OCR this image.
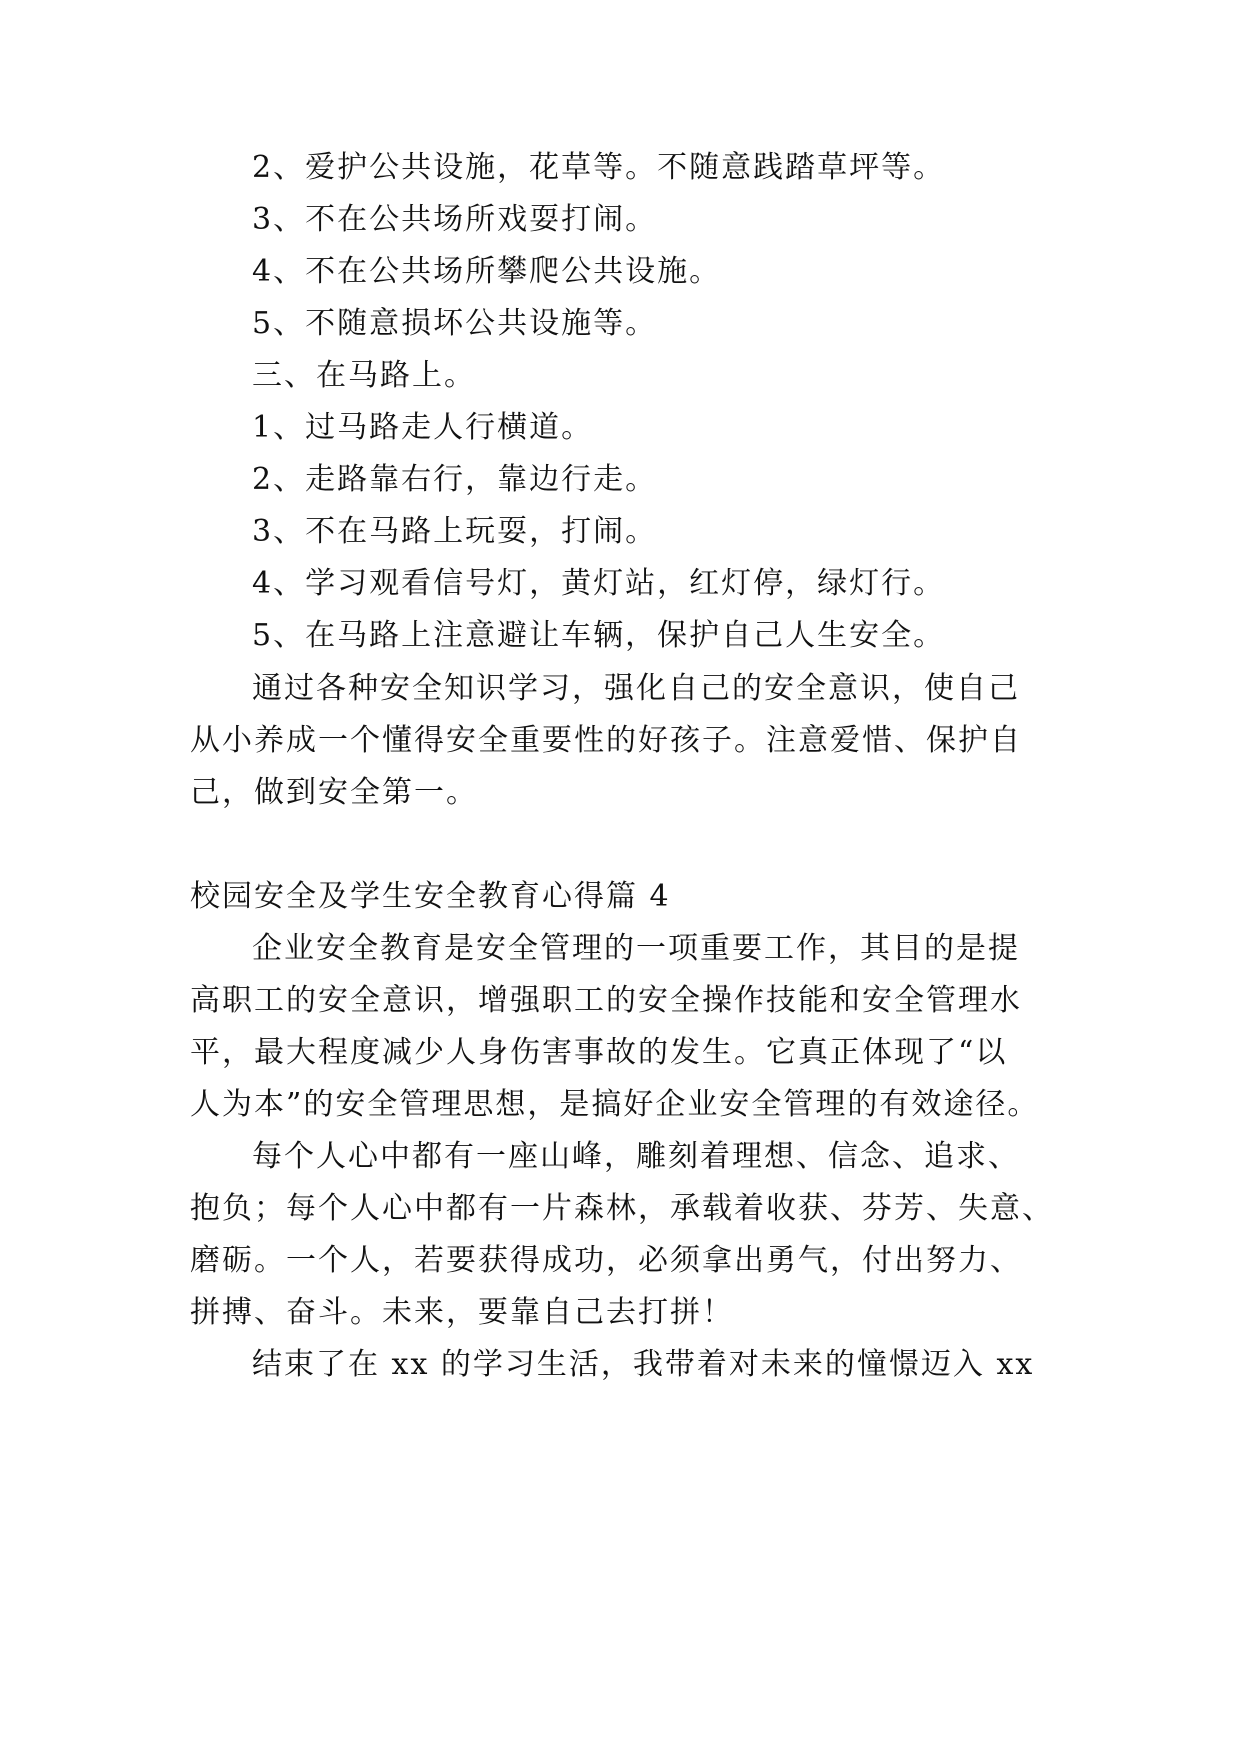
2、爱护公共设施，花草等。不随意践踏草坪等。
3、不在公共场所戏耍打闹。
4、不在公共场所攀爬公共设施。
5、不随意损坏公共设施等。
三、在马路上。
1、过马路走人行横道。
2、走路靠右行，靠边行走。
3、不在马路上玩耍，打闹。
4、学习观看信号灯，黄灯站，红灯停，绿灯行。
5、在马路上注意避让车辆，保护自己人生安全。
通过各种安全知识学习，强化自己的安全意识，使自己
从小养成一个懂得安全重要性的好孩子。注意爱惜、保护自
己，做到安全第一。
校园安全及学生安全教育心得篇 4
企业安全教育是安全管理的一项重要工作，其目的是提
高职工的安全意识，增强职工的安全操作技能和安全管理水
平，最大程度减少人身伤害事故的发生。它真正体现了“以
人为本”的安全管理思想，是搞好企业安全管理的有效途径。
每个人心中都有一座山峰，雕刻着理想、信念、追求、
抱负；每个人心中都有一片森林，承载着收获、芬芳、失意、
磨砺。一个人，若要获得成功，必须拿出勇气，付出努力、
拼搏、奋斗。未来，要靠自己去打拼！
结束了在 xx 的学习生活，我带着对未来的憧憬迈入 xx
